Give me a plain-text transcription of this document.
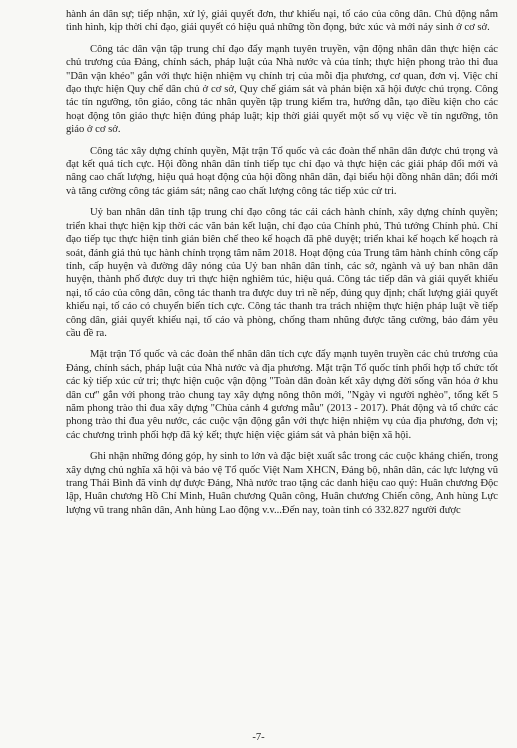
hành án dân sự; tiếp nhận, xử lý, giải quyết đơn, thư khiếu nại, tố cáo của công dân. Chủ động nắm tình hình, kịp thời chỉ đạo, giải quyết có hiệu quả những tồn đọng, bức xúc và mới nảy sinh ở cơ sở.

Công tác dân vận tập trung chỉ đạo đẩy mạnh tuyên truyền, vận động nhân dân thực hiện các chủ trương của Đảng, chính sách, pháp luật của Nhà nước và của tỉnh; thực hiện phong trào thi đua "Dân vận khéo" gắn với thực hiện nhiệm vụ chính trị của mỗi địa phương, cơ quan, đơn vị. Việc chỉ đạo thực hiện Quy chế dân chủ ở cơ sở, Quy chế giám sát và phản biện xã hội được chú trọng. Công tác tín ngưỡng, tôn giáo, công tác nhân quyền tập trung kiểm tra, hướng dẫn, tạo điều kiện cho các hoạt động tôn giáo thực hiện đúng pháp luật; kịp thời giải quyết một số vụ việc về tín ngưỡng, tôn giáo ở cơ sở.

Công tác xây dựng chính quyền, Mặt trận Tổ quốc và các đoàn thể nhân dân được chú trọng và đạt kết quả tích cực. Hội đồng nhân dân tỉnh tiếp tục chỉ đạo và thực hiện các giải pháp đổi mới và nâng cao chất lượng, hiệu quả hoạt động của hội đồng nhân dân, đại biểu hội đồng nhân dân; đổi mới và tăng cường công tác giám sát; nâng cao chất lượng công tác tiếp xúc cử tri.

Uỷ ban nhân dân tỉnh tập trung chỉ đạo công tác cải cách hành chính, xây dựng chính quyền; triển khai thực hiện kịp thời các văn bản kết luận, chỉ đạo của Chính phủ, Thủ tướng Chính phủ. Chỉ đạo tiếp tục thực hiện tinh giản biên chế theo kế hoạch đã phê duyệt; triển khai kế hoạch kế hoạch rà soát, đánh giá thủ tục hành chính trọng tâm năm 2018. Hoạt động của Trung tâm hành chính công cấp tỉnh, cấp huyện và đường dây nóng của Uỷ ban nhân dân tỉnh, các sở, ngành và uỷ ban nhân dân huyện, thành phố được duy trì thực hiện nghiêm túc, hiệu quả. Công tác tiếp dân và giải quyết khiếu nại, tố cáo của công dân, công tác thanh tra được duy trì nề nếp, đúng quy định; chất lượng giải quyết khiếu nại, tố cáo có chuyển biến tích cực. Công tác thanh tra trách nhiệm thực hiện pháp luật về tiếp công dân, giải quyết khiếu nại, tố cáo và phòng, chống tham nhũng được tăng cường, bảo đảm yêu cầu đề ra.

Mặt trận Tổ quốc và các đoàn thể nhân dân tích cực đẩy mạnh tuyên truyền các chủ trương của Đảng, chính sách, pháp luật của Nhà nước và địa phương. Mặt trận Tổ quốc tỉnh phối hợp tổ chức tốt các kỳ tiếp xúc cử tri; thực hiện cuộc vận động "Toàn dân đoàn kết xây dựng đời sống văn hóa ở khu dân cư" gắn với phong trào chung tay xây dựng nông thôn mới, "Ngày vì người nghèo", tổng kết 5 năm phong trào thi đua xây dựng "Chùa cảnh 4 gương mẫu" (2013 - 2017). Phát động và tổ chức các phong trào thi đua yêu nước, các cuộc vận động gắn với thực hiện nhiệm vụ của địa phương, đơn vị; các chương trình phối hợp đã ký kết; thực hiện việc giám sát và phản biện xã hội.

Ghi nhận những đóng góp, hy sinh to lớn và đặc biệt xuất sắc trong các cuộc kháng chiến, trong xây dựng chủ nghĩa xã hội và bảo vệ Tổ quốc Việt Nam XHCN, Đảng bộ, nhân dân, các lực lượng vũ trang Thái Bình đã vinh dự được Đảng, Nhà nước trao tặng các danh hiệu cao quý: Huân chương Độc lập, Huân chương Hồ Chí Minh, Huân chương Quân công, Huân chương Chiến công, Anh hùng Lực lượng vũ trang nhân dân, Anh hùng Lao động v.v...Đến nay, toàn tỉnh có 332.827 người được

-7-
